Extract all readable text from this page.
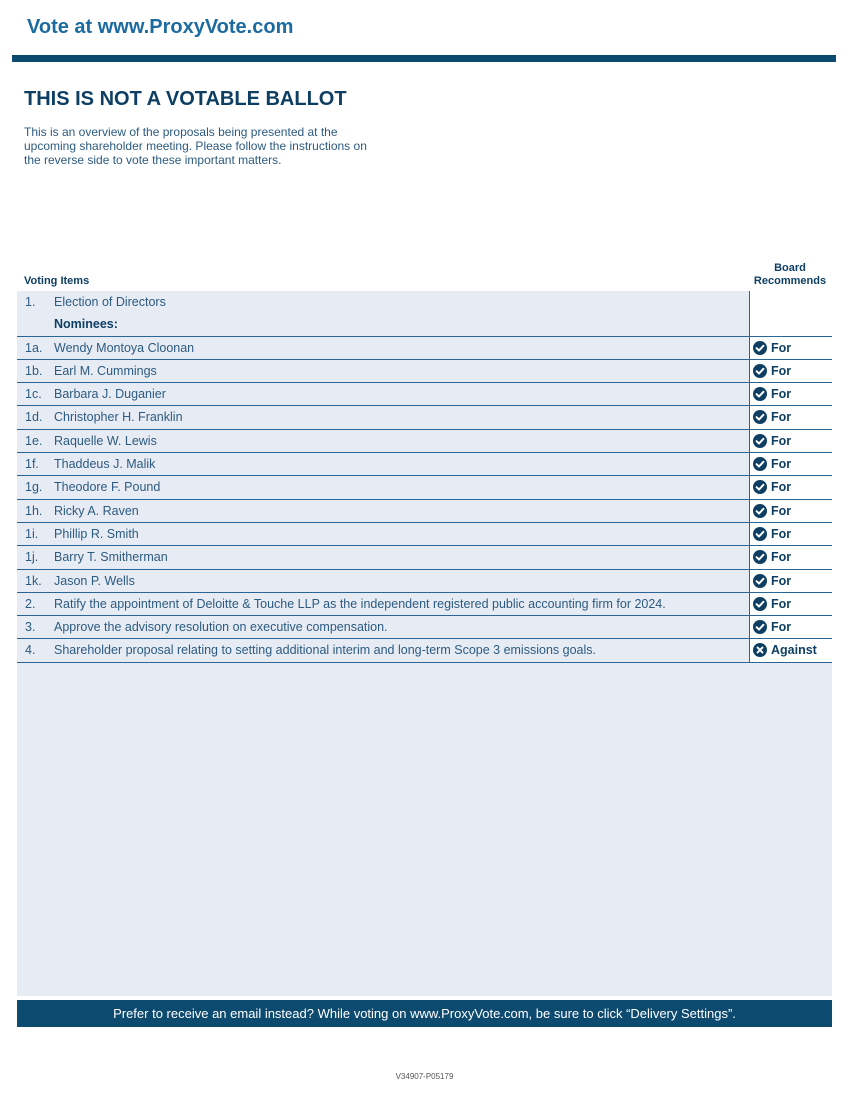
Vote at www.ProxyVote.com
THIS IS NOT A VOTABLE BALLOT
This is an overview of the proposals being presented at the
upcoming shareholder meeting. Please follow the instructions on
the reverse side to vote these important matters.
Voting Items
Board
Recommends
1. Election of Directors
Nominees:
1a. Wendy Montoya Cloonan	For
1b. Earl M. Cummings	For
1c. Barbara J. Duganier	For
1d. Christopher H. Franklin	For
1e. Raquelle W. Lewis	For
1f. Thaddeus J. Malik	For
1g. Theodore F. Pound	For
1h. Ricky A. Raven	For
1i. Phillip R. Smith	For
1j. Barry T. Smitherman	For
1k. Jason P. Wells	For
2. Ratify the appointment of Deloitte & Touche LLP as the independent registered public accounting firm for 2024.	For
3. Approve the advisory resolution on executive compensation.	For
4. Shareholder proposal relating to setting additional interim and long-term Scope 3 emissions goals.	Against
Prefer to receive an email instead? While voting on www.ProxyVote.com, be sure to click “Delivery Settings”.
V34907-P05179
